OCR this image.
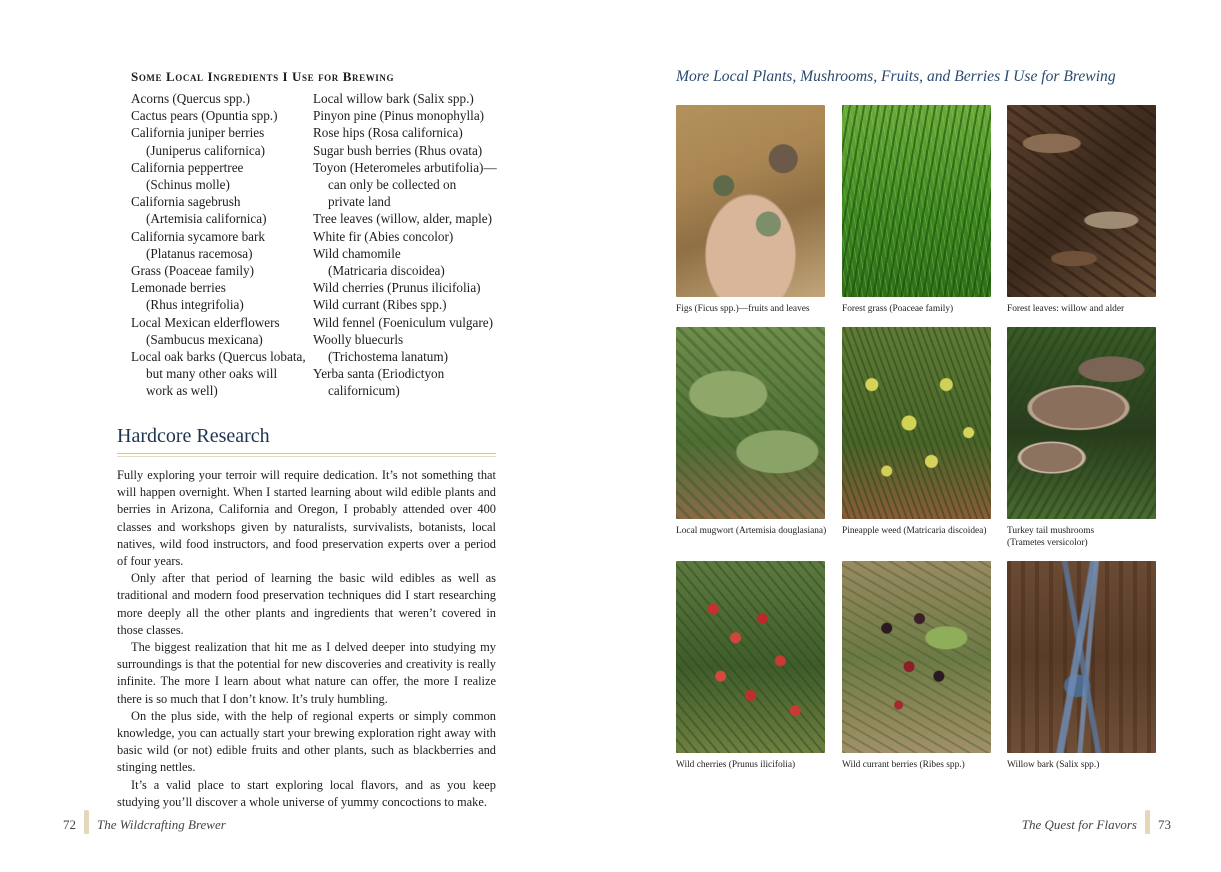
Some Local Ingredients I Use for Brewing

Acorns (Quercus spp.)

Cactus pears (Opuntia spp.)

California juniper berries

(Juniperus californica)

California peppertree

(Schinus molle)

California sagebrush

(Artemisia californica)

California sycamore bark

(Platanus racemosa)

Grass (Poaceae family)

Lemonade berries

(Rhus integrifolia)

Local Mexican elderflowers

(Sambucus mexicana)

Local oak barks (Quercus lobata,

but many other oaks will

work as well)

Local willow bark (Salix spp.)

Pinyon pine (Pinus monophylla)

Rose hips (Rosa californica)

Sugar bush berries (Rhus ovata)

Toyon (Heteromeles arbutifolia)—

can only be collected on

private land

Tree leaves (willow, alder, maple)

White fir (Abies concolor)

Wild chamomile

(Matricaria discoidea)

Wild cherries (Prunus ilicifolia)

Wild currant (Ribes spp.)

Wild fennel (Foeniculum vulgare)

Woolly bluecurls

(Trichostema lanatum)

Yerba santa (Eriodictyon

californicum)

Hardcore Research

Fully exploring your terroir will require dedication. It’s not something that will happen overnight. When I started learning about wild edible plants and berries in Arizona, California and Oregon, I probably attended over 400 classes and workshops given by naturalists, survivalists, botanists, local natives, wild food instructors, and food preservation experts over a period of four years.

Only after that period of learning the basic wild edibles as well as traditional and modern food preservation techniques did I start researching more deeply all the other plants and ingredients that weren’t covered in those classes.

The biggest realization that hit me as I delved deeper into studying my surroundings is that the potential for new discoveries and creativity is really infinite. The more I learn about what nature can offer, the more I realize there is so much that I don’t know. It’s truly humbling.

On the plus side, with the help of regional experts or simply common knowledge, you can actually start your brewing exploration right away with basic wild (or not) edible fruits and other plants, such as blackberries and stinging nettles.

It’s a valid place to start exploring local flavors, and as you keep studying you’ll discover a whole universe of yummy concoctions to make.

72 The Wildcrafting Brewer
More Local Plants, Mushrooms, Fruits, and Berries I Use for Brewing
Figs (Ficus spp.)—fruits and leaves	Forest grass (Poaceae family)	Forest leaves: willow and alder
Local mugwort (Artemisia douglasiana) Pineapple weed (Matricaria discoidea)	Turkey tail mushrooms
(Trametes versicolor)
Wild cherries (Prunus ilicifolia)	Wild currant berries (Ribes spp.)	Willow bark (Salix spp.)
The Quest for Flavors 73
